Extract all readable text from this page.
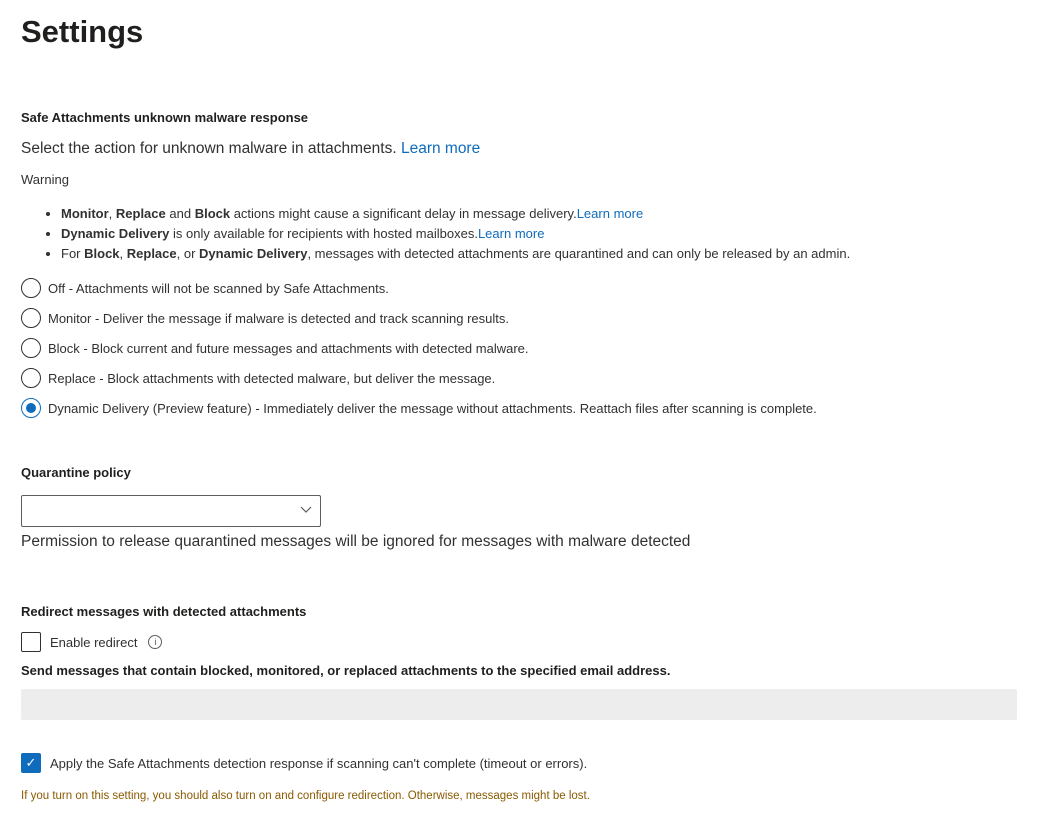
Settings
Safe Attachments unknown malware response
Select the action for unknown malware in attachments. Learn more
Warning
• Monitor, Replace and Block actions might cause a significant delay in message delivery.Learn more
• Dynamic Delivery is only available for recipients with hosted mailboxes.Learn more
• For Block, Replace, or Dynamic Delivery, messages with detected attachments are quarantined and can only be released by an admin.
Off - Attachments will not be scanned by Safe Attachments.
Monitor - Deliver the message if malware is detected and track scanning results.
Block - Block current and future messages and attachments with detected malware.
Replace - Block attachments with detected malware, but deliver the message.
Dynamic Delivery (Preview feature) - Immediately deliver the message without attachments. Reattach files after scanning is complete.
Quarantine policy
Permission to release quarantined messages will be ignored for messages with malware detected
Redirect messages with detected attachments
Enable redirect	i
Send messages that contain blocked, monitored, or replaced attachments to the specified email address.
✓	Apply the Safe Attachments detection response if scanning can't complete (timeout or errors).
If you turn on this setting, you should also turn on and configure redirection. Otherwise, messages might be lost.
